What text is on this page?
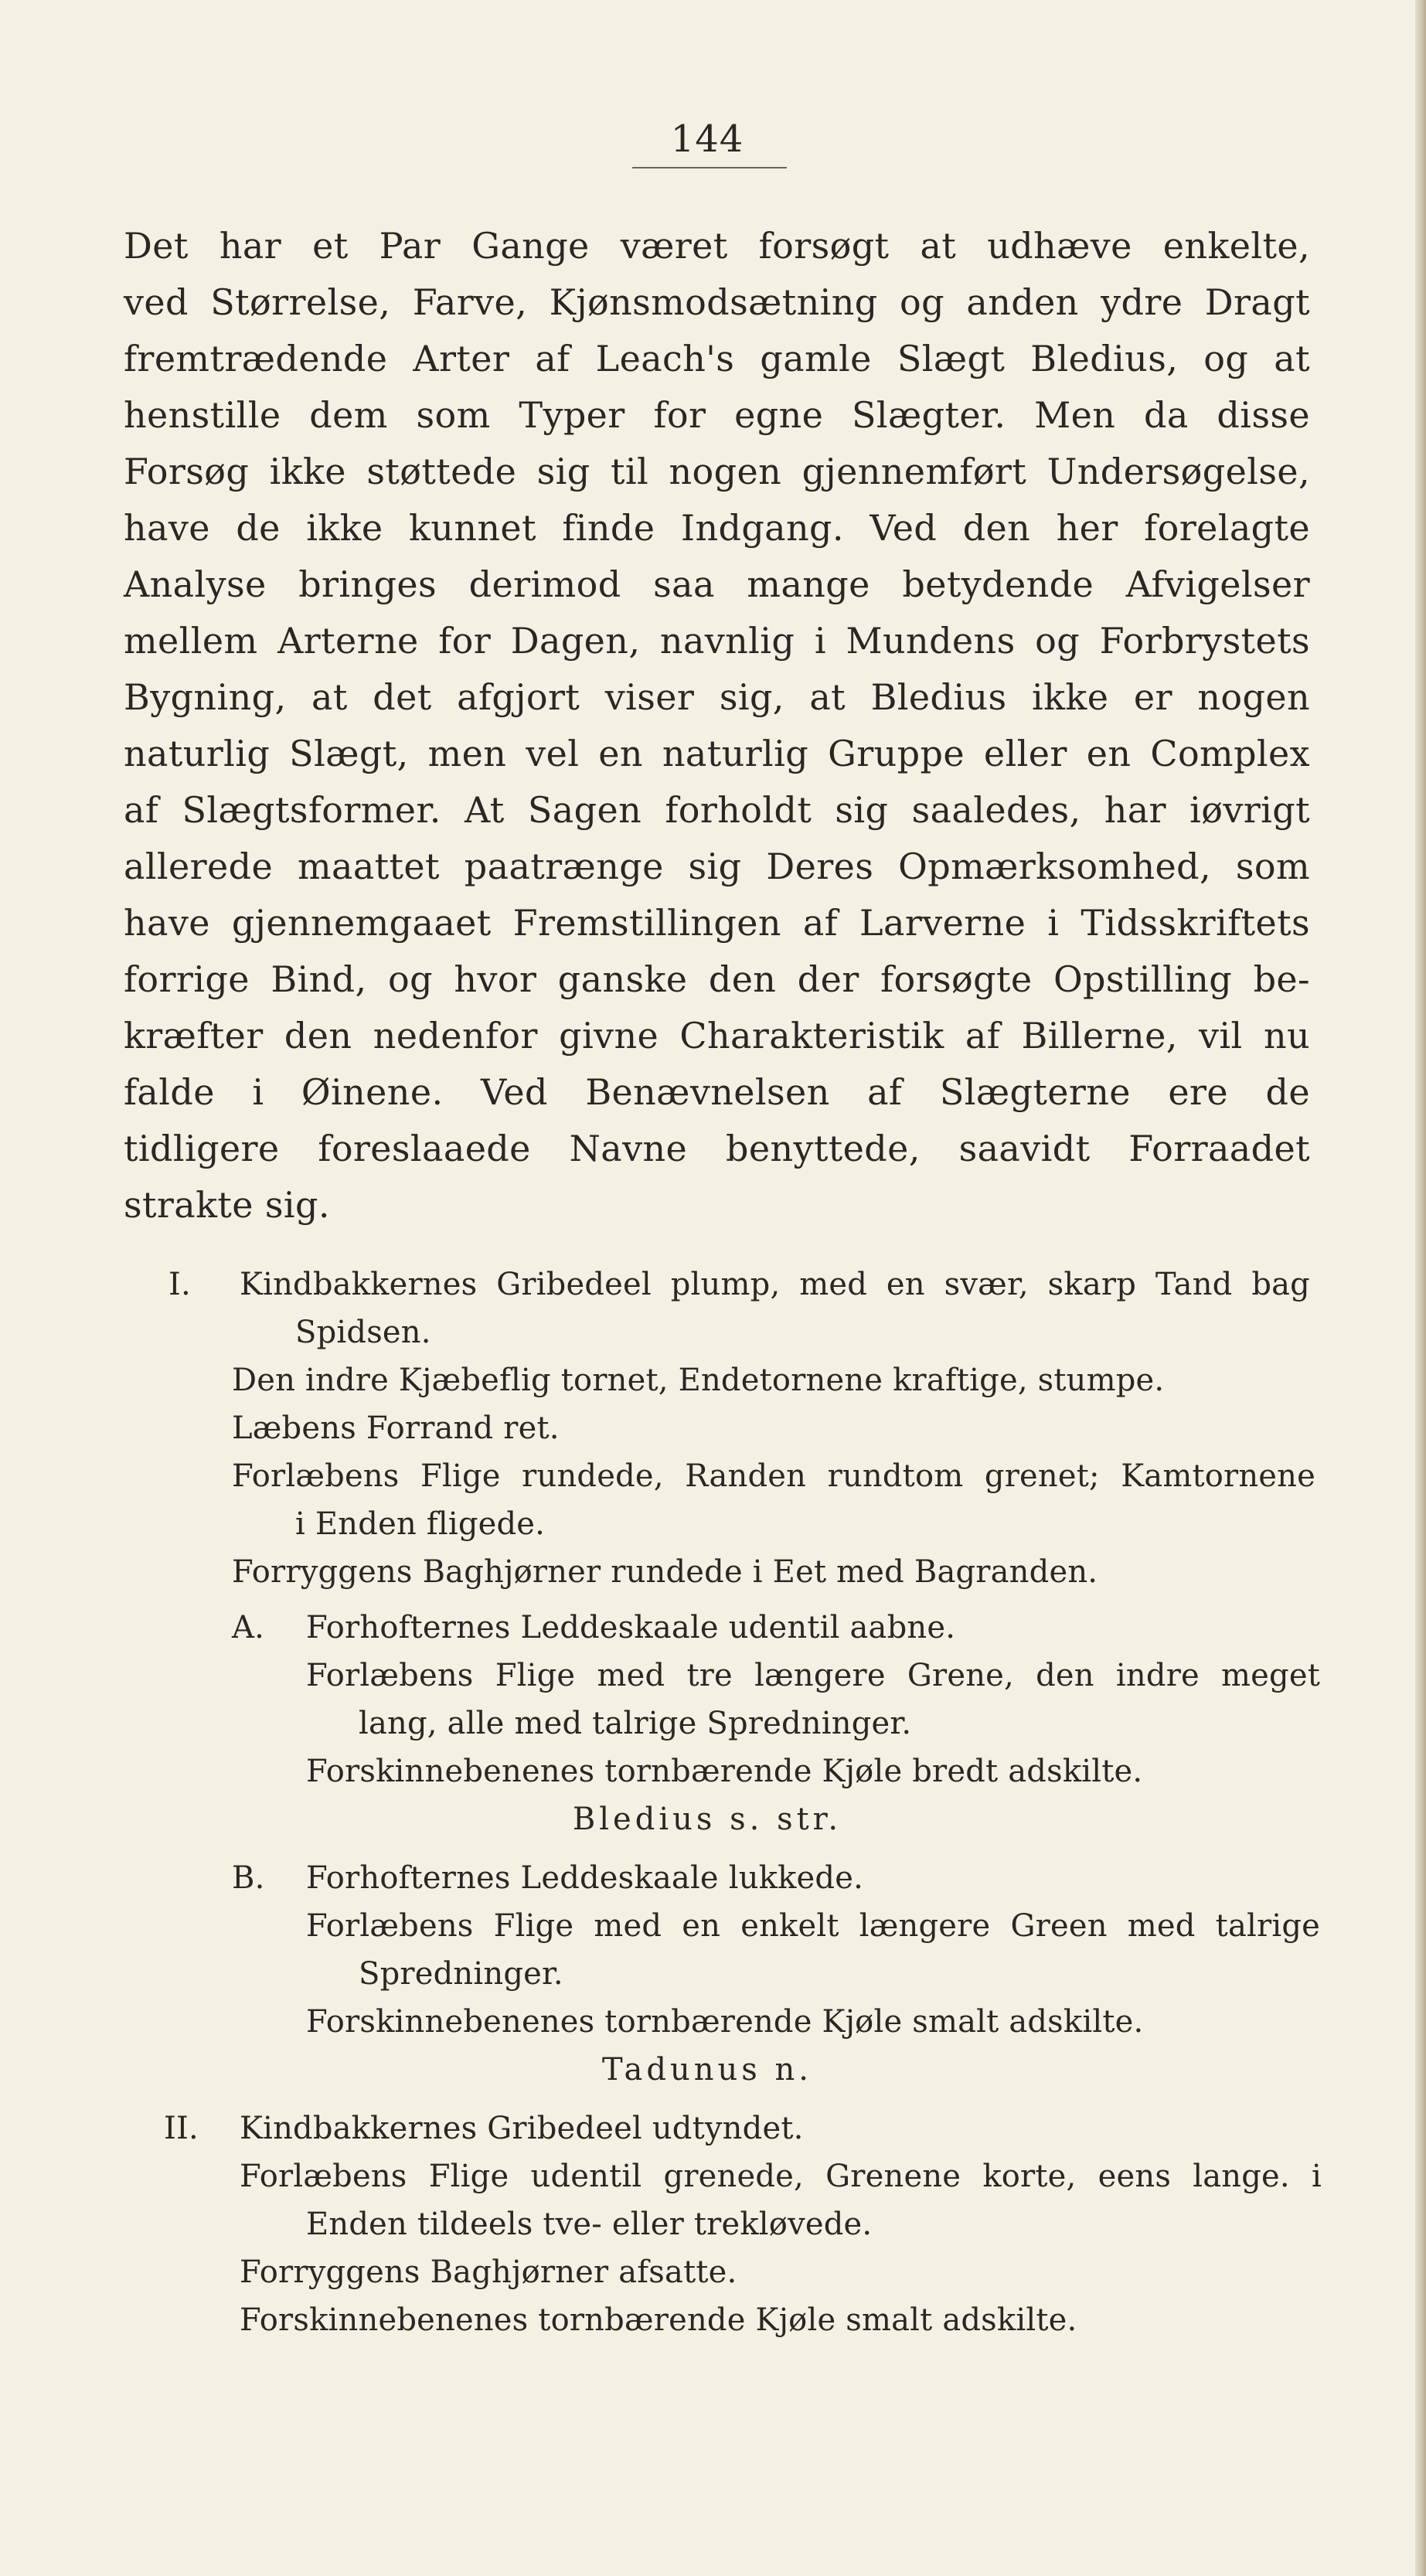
144
Det har et Par Gange været forsøgt at udhæve enkelte,
ved Størrelse, Farve, Kjønsmodsætning og anden ydre Dragt
fremtrædende Arter af Leach's gamle Slægt Bledius, og at
henstille dem som Typer for egne Slægter. Men da disse
Forsøg ikke støttede sig til nogen gjennemført Undersøgelse,
have de ikke kunnet finde Indgang. Ved den her forelagte
Analyse bringes derimod saa mange betydende Afvigelser
mellem Arterne for Dagen, navnlig i Mundens og Forbrystets
Bygning, at det afgjort viser sig, at Bledius ikke er nogen
naturlig Slægt, men vel en naturlig Gruppe eller en Complex
af Slægtsformer. At Sagen forholdt sig saaledes, har iøvrigt
allerede maattet paatrænge sig Deres Opmærksomhed, som
have gjennemgaaet Fremstillingen af Larverne i Tidsskriftets
forrige Bind, og hvor ganske den der forsøgte Opstilling be-
kræfter den nedenfor givne Charakteristik af Billerne, vil nu
falde i Øinene. Ved Benævnelsen af Slægterne ere de
tidligere foreslaaede Navne benyttede, saavidt Forraadet
strakte sig.
I. Kindbakkernes Gribedeel plump, med en svær, skarp Tand bag
Spidsen.
Den indre Kjæbeflig tornet, Endetornene kraftige, stumpe.
Læbens Forrand ret.
Forlæbens Flige rundede, Randen rundtom grenet; Kamtornene
i Enden fligede.
Forryggens Baghjørner rundede i Eet med Bagranden.
A. Forhofternes Leddeskaale udentil aabne.
Forlæbens Flige med tre længere Grene, den indre meget
lang, alle med talrige Spredninger.
Forskinnebenenes tornbærende Kjøle bredt adskilte.
Bledius s. str.
B. Forhofternes Leddeskaale lukkede.
Forlæbens Flige med en enkelt længere Green med talrige
Spredninger.
Forskinnebenenes tornbærende Kjøle smalt adskilte.
Tadunus n.
II. Kindbakkernes Gribedeel udtyndet.
Forlæbens Flige udentil grenede, Grenene korte, eens lange. i
Enden tildeels tve- eller trekløvede.
Forryggens Baghjørner afsatte.
Forskinnebenenes tornbærende Kjøle smalt adskilte.
